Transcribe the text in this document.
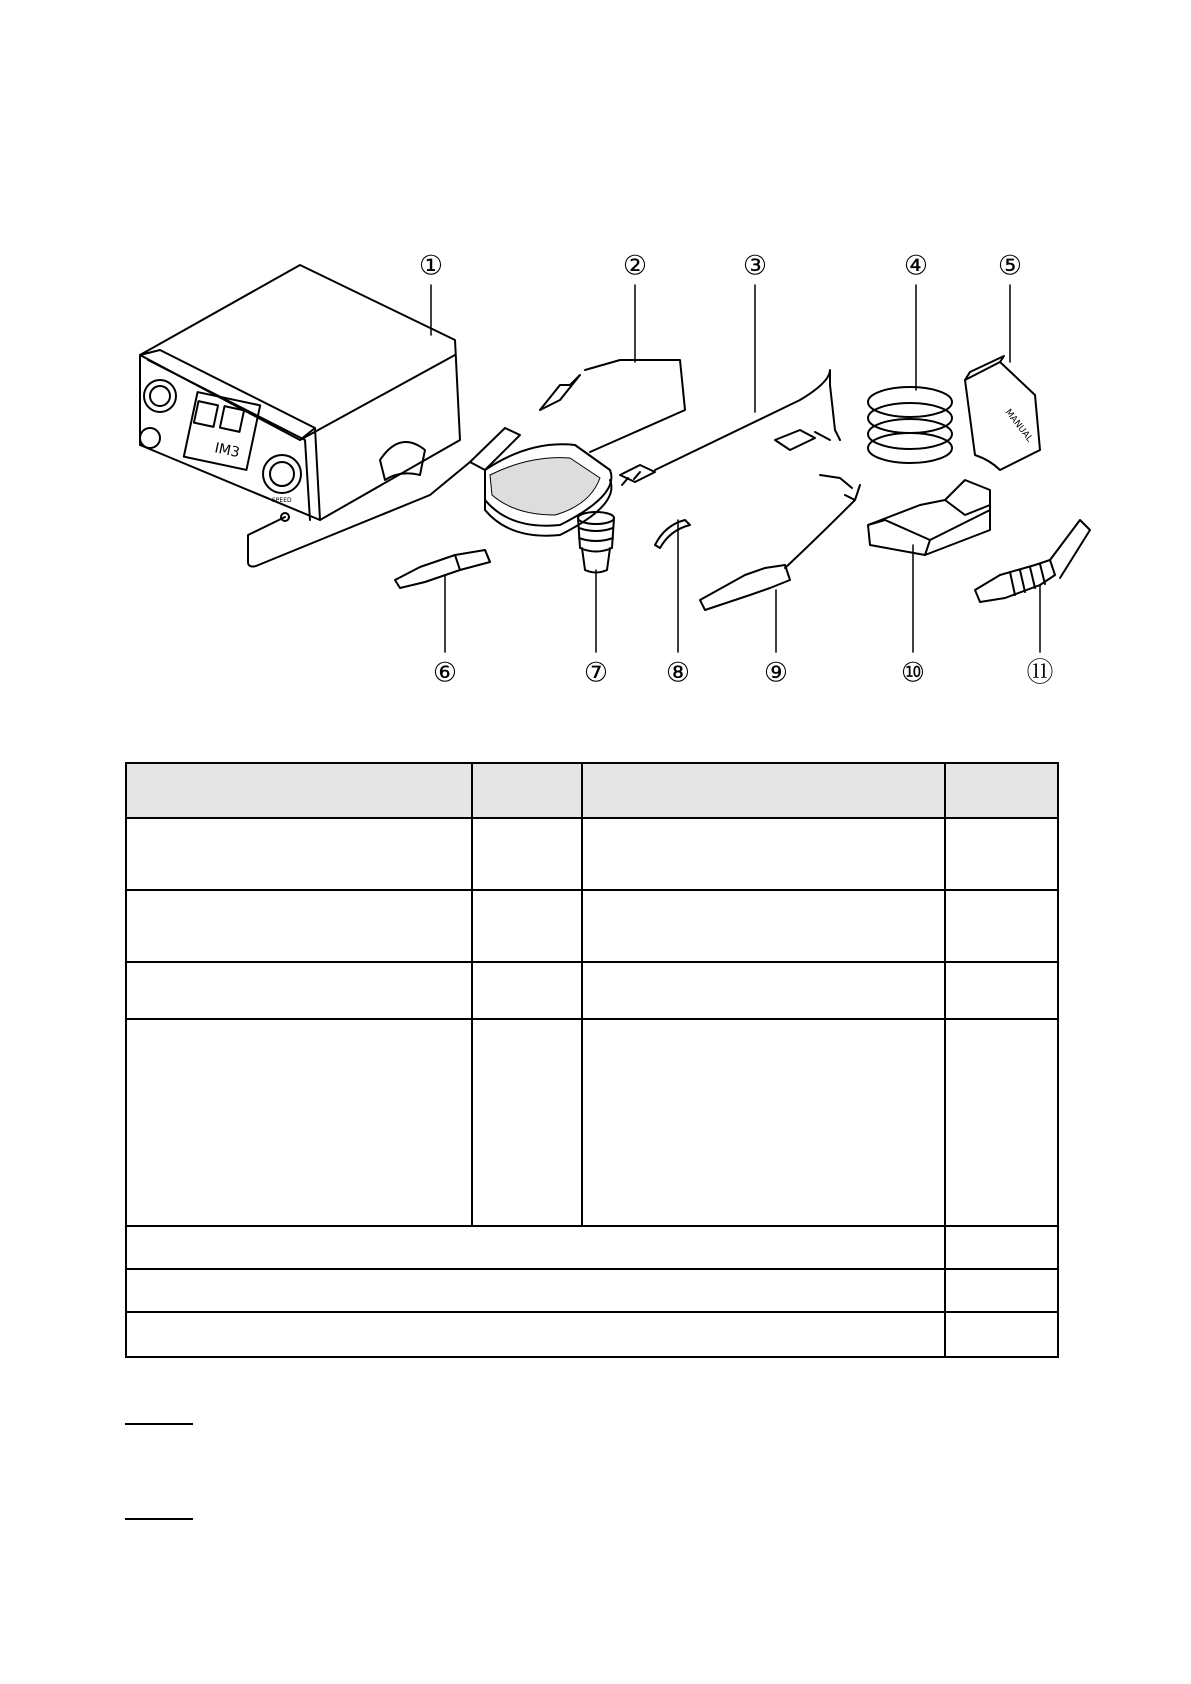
IM3
SPEED
MANUAL
①	②	③	④	⑤
⑥	⑦ ⑧	⑨	⑩	⑪
